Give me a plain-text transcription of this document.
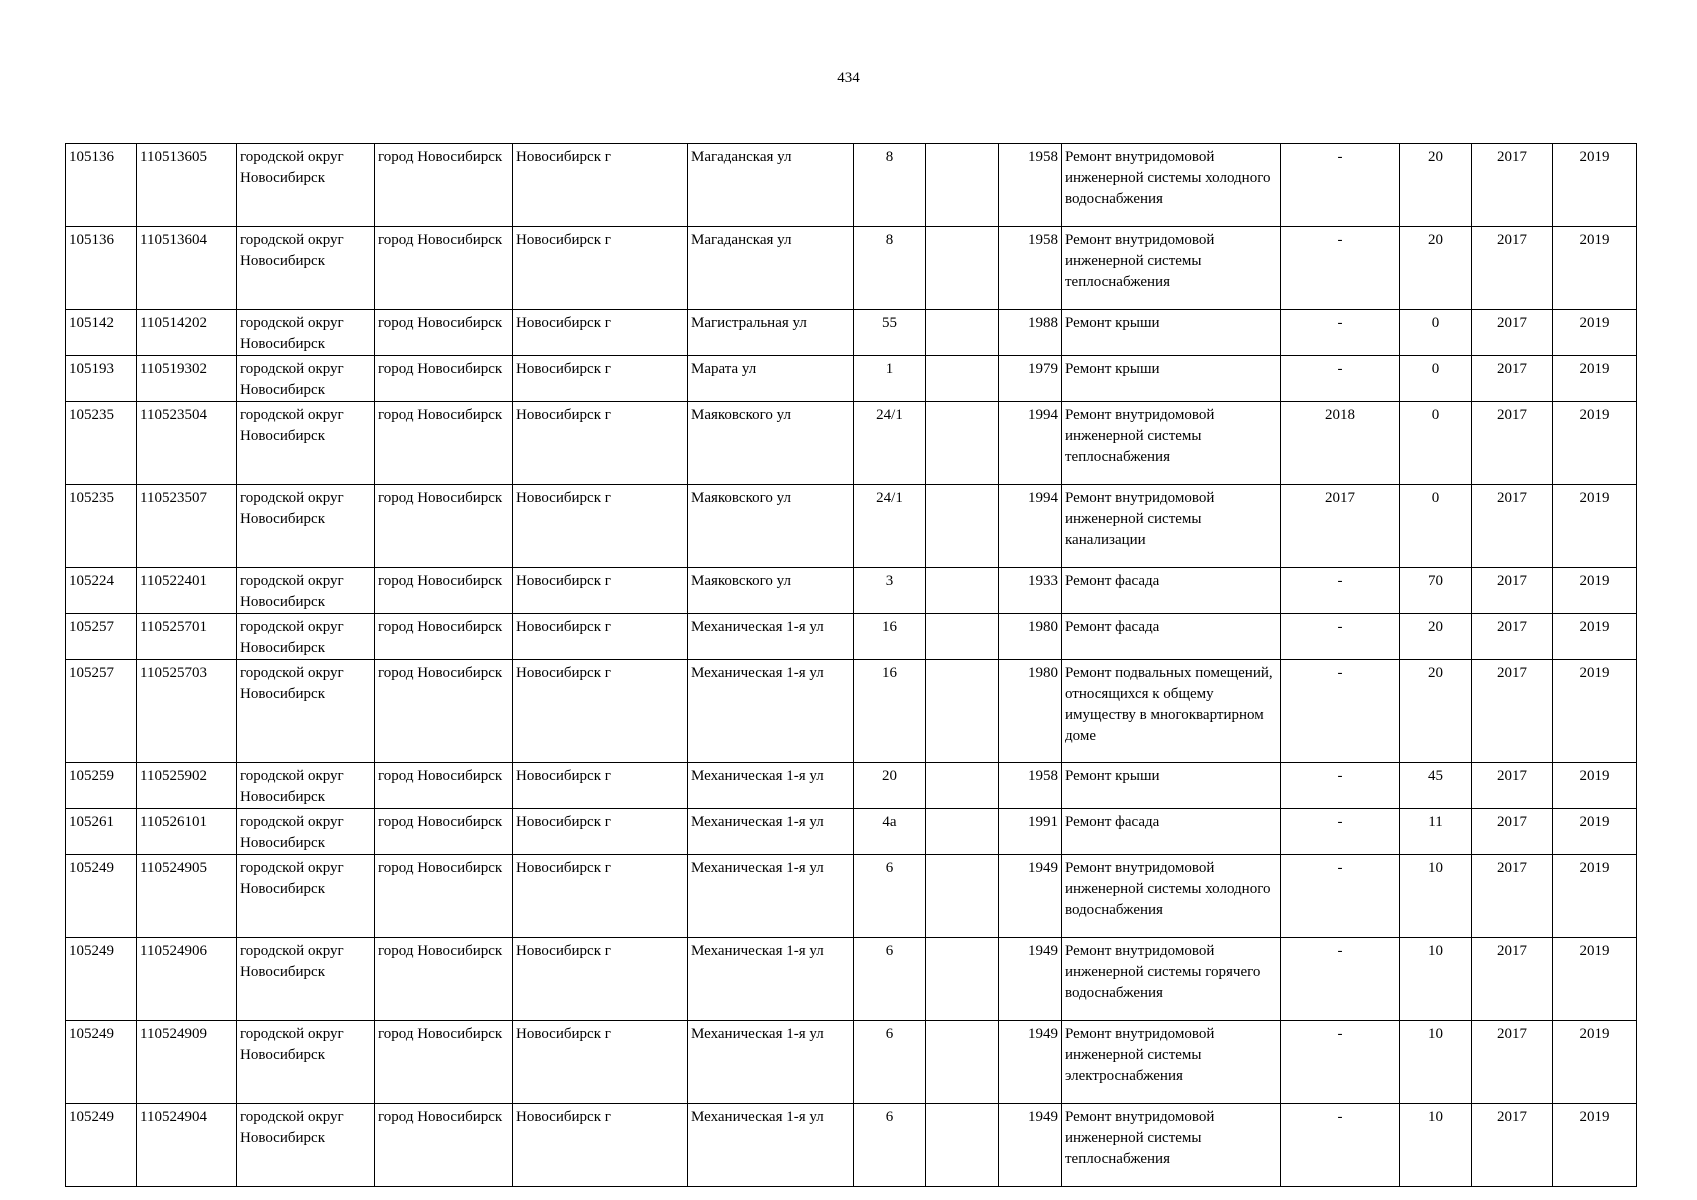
434
105136	110513605	городской округ Новосибирск	город Новосибирск	Новосибирск г	Магаданская ул	8		1958	Ремонт внутридомовой инженерной системы холодного водоснабжения	-	20	2017	2019
105136	110513604	городской округ Новосибирск	город Новосибирск	Новосибирск г	Магаданская ул	8		1958	Ремонт внутридомовой инженерной системы теплоснабжения	-	20	2017	2019
105142	110514202	городской округ Новосибирск	город Новосибирск	Новосибирск г	Магистральная ул	55		1988	Ремонт крыши	-	0	2017	2019
105193	110519302	городской округ Новосибирск	город Новосибирск	Новосибирск г	Марата ул	1		1979	Ремонт крыши	-	0	2017	2019
105235	110523504	городской округ Новосибирск	город Новосибирск	Новосибирск г	Маяковского ул	24/1		1994	Ремонт внутридомовой инженерной системы теплоснабжения	2018	0	2017	2019
105235	110523507	городской округ Новосибирск	город Новосибирск	Новосибирск г	Маяковского ул	24/1		1994	Ремонт внутридомовой инженерной системы канализации	2017	0	2017	2019
105224	110522401	городской округ Новосибирск	город Новосибирск	Новосибирск г	Маяковского ул	3		1933	Ремонт фасада	-	70	2017	2019
105257	110525701	городской округ Новосибирск	город Новосибирск	Новосибирск г	Механическая 1-я ул	16		1980	Ремонт фасада	-	20	2017	2019
105257	110525703	городской округ Новосибирск	город Новосибирск	Новосибирск г	Механическая 1-я ул	16		1980	Ремонт подвальных помещений, относящихся к общему имуществу в многоквартирном доме	-	20	2017	2019
105259	110525902	городской округ Новосибирск	город Новосибирск	Новосибирск г	Механическая 1-я ул	20		1958	Ремонт крыши	-	45	2017	2019
105261	110526101	городской округ Новосибирск	город Новосибирск	Новосибирск г	Механическая 1-я ул	4а		1991	Ремонт фасада	-	11	2017	2019
105249	110524905	городской округ Новосибирск	город Новосибирск	Новосибирск г	Механическая 1-я ул	6		1949	Ремонт внутридомовой инженерной системы холодного водоснабжения	-	10	2017	2019
105249	110524906	городской округ Новосибирск	город Новосибирск	Новосибирск г	Механическая 1-я ул	6		1949	Ремонт внутридомовой инженерной системы горячего водоснабжения	-	10	2017	2019
105249	110524909	городской округ Новосибирск	город Новосибирск	Новосибирск г	Механическая 1-я ул	6		1949	Ремонт внутридомовой инженерной системы электроснабжения	-	10	2017	2019
105249	110524904	городской округ Новосибирск	город Новосибирск	Новосибирск г	Механическая 1-я ул	6		1949	Ремонт внутридомовой инженерной системы теплоснабжения	-	10	2017	2019
